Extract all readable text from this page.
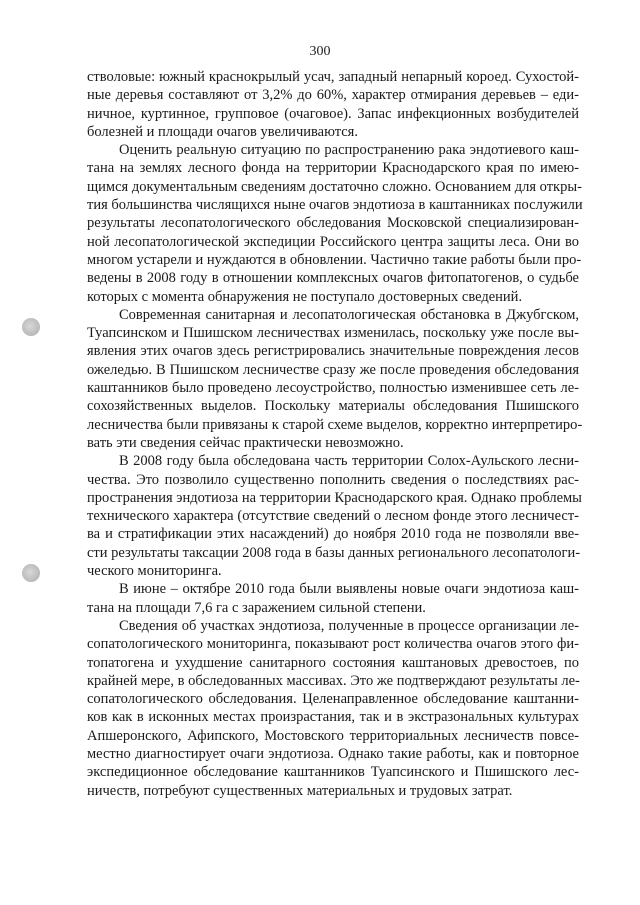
300
стволовые: южный краснокрылый усач, западный непарный короед. Сухостой-
ные деревья составляют от 3,2% до 60%, характер отмирания деревьев – еди-
ничное, куртинное, групповое (очаговое). Запас инфекционных возбудителей
болезней и площади очагов увеличиваются.
Оценить реальную ситуацию по распространению рака эндотиевого каш-
тана на землях лесного фонда на территории Краснодарского края по имею-
щимся документальным сведениям достаточно сложно. Основанием для откры-
тия большинства числящихся ныне очагов эндотиоза в каштанниках послужили
результаты лесопатологического обследования Московской специализирован-
ной лесопатологической экспедиции Российского центра защиты леса. Они во
многом устарели и нуждаются в обновлении. Частично такие работы были про-
ведены в 2008 году в отношении комплексных очагов фитопатогенов, о судьбе
которых с момента обнаружения не поступало достоверных сведений.
Современная санитарная и лесопатологическая обстановка в Джубгском,
Туапсинском и Пшишском лесничествах изменилась, поскольку уже после вы-
явления этих очагов здесь регистрировались значительные повреждения лесов
ожеледью. В Пшишском лесничестве сразу же после проведения обследования
каштанников было проведено лесоустройство, полностью изменившее сеть ле-
сохозяйственных выделов. Поскольку материалы обследования Пшишского
лесничества были привязаны к старой схеме выделов, корректно интерпретиро-
вать эти сведения сейчас практически невозможно.
В 2008 году была обследована часть территории Солох-Аульского лесни-
чества. Это позволило существенно пополнить сведения о последствиях рас-
пространения эндотиоза на территории Краснодарского края. Однако проблемы
технического характера (отсутствие сведений о лесном фонде этого лесничест-
ва и стратификации этих насаждений) до ноября 2010 года не позволяли вве-
сти результаты таксации 2008 года в базы данных регионального лесопатологи-
ческого мониторинга.
В июне – октябре 2010 года были выявлены новые очаги эндотиоза каш-
тана на площади 7,6 га с заражением сильной степени.
Сведения об участках эндотиоза, полученные в процессе организации ле-
сопатологического мониторинга, показывают рост количества очагов этого фи-
топатогена и ухудшение санитарного состояния каштановых древостоев, по
крайней мере, в обследованных массивах. Это же подтверждают результаты ле-
сопатологического обследования. Целенаправленное обследование каштанни-
ков как в исконных местах произрастания, так и в экстразональных культурах
Апшеронского, Афипского, Мостовского территориальных лесничеств повсе-
местно диагностирует очаги эндотиоза. Однако такие работы, как и повторное
экспедиционное обследование каштанников Туапсинского и Пшишского лес-
ничеств, потребуют существенных материальных и трудовых затрат.
